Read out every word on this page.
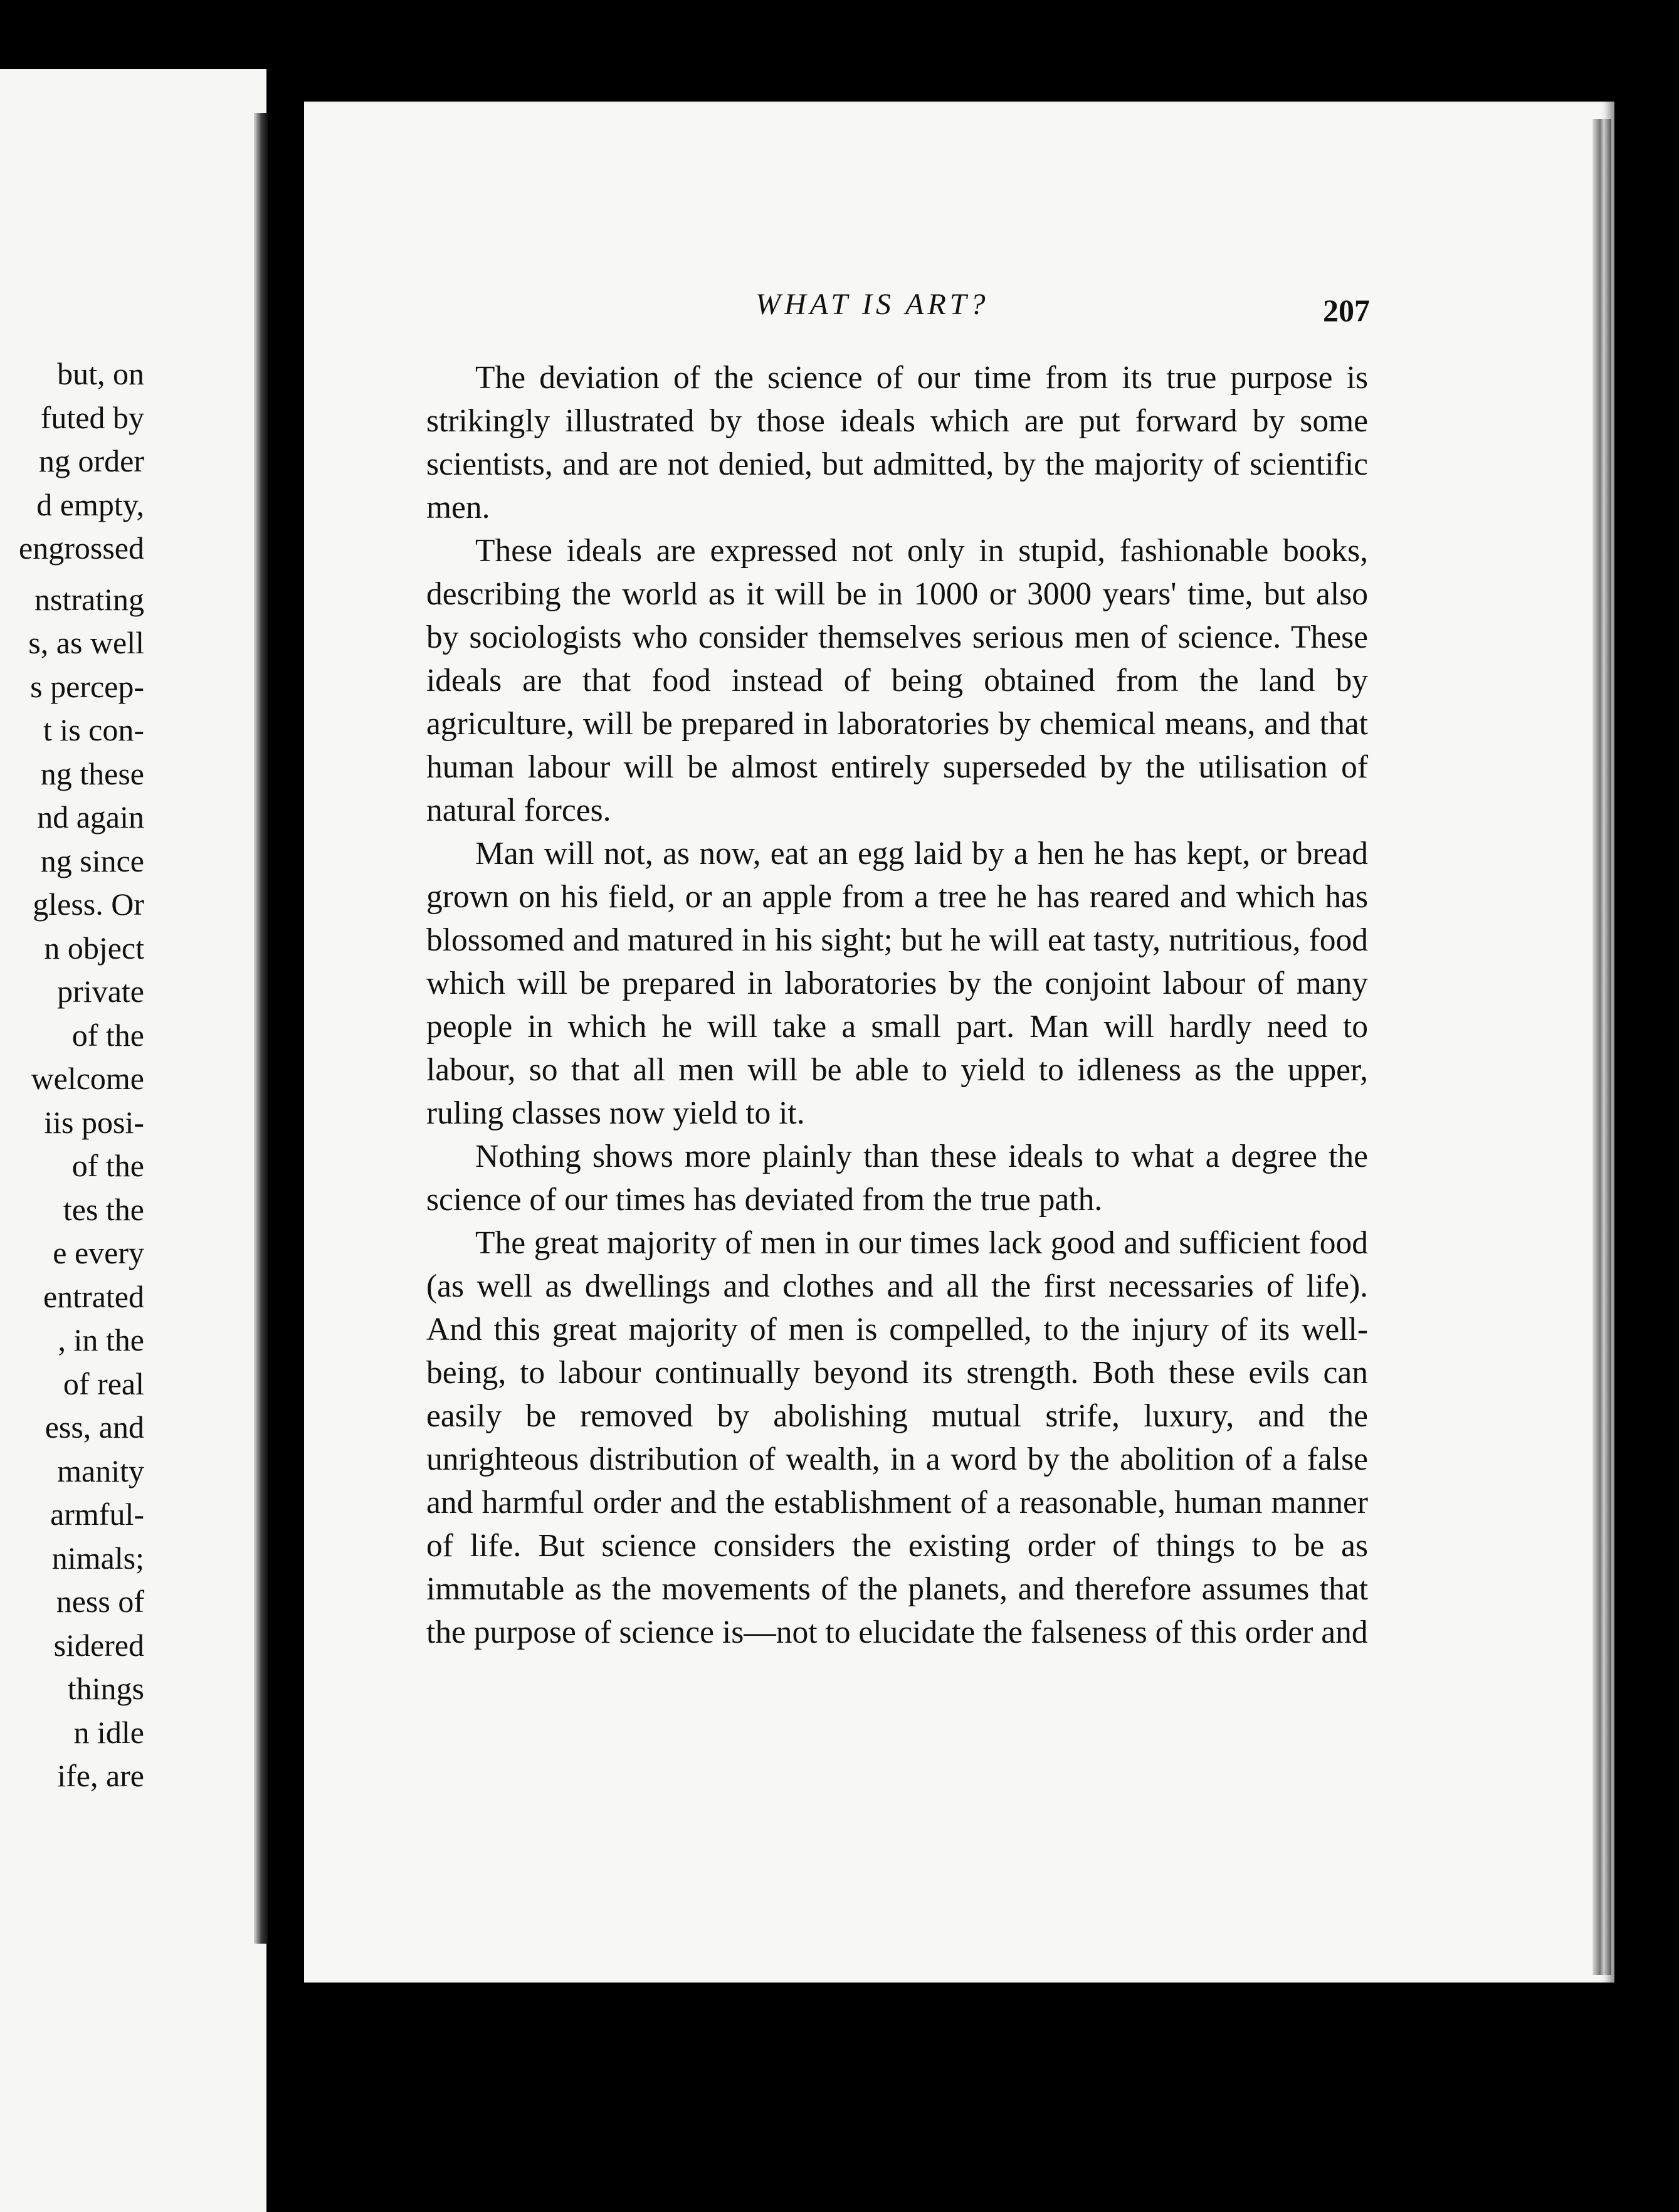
but, on
futed by
ng order
d empty,
engrossed
nstrating
s, as well
s percep-
t is con-
ng these
nd again
ng since
gless. Or
n object
private
of the
welcome
iis posi-
of the
tes the
e every
entrated
, in the
of real
ess, and
manity
armful-
nimals;
ness of
sidered
things
n idle
ife, are
WHAT IS ART?	207

The deviation of the science of our time from its true purpose is strikingly illustrated by those ideals which are put forward by some scientists, and are not denied, but admitted, by the majority of scientific men.

These ideals are expressed not only in stupid, fashionable books, describing the world as it will be in 1000 or 3000 years' time, but also by sociologists who consider themselves serious men of science. These ideals are that food instead of being obtained from the land by agriculture, will be prepared in laboratories by chemical means, and that human labour will be almost entirely superseded by the utilisation of natural forces.

Man will not, as now, eat an egg laid by a hen he has kept, or bread grown on his field, or an apple from a tree he has reared and which has blossomed and matured in his sight; but he will eat tasty, nutritious, food which will be prepared in laboratories by the conjoint labour of many people in which he will take a small part. Man will hardly need to labour, so that all men will be able to yield to idleness as the upper, ruling classes now yield to it.

Nothing shows more plainly than these ideals to what a degree the science of our times has deviated from the true path.

The great majority of men in our times lack good and sufficient food (as well as dwellings and clothes and all the first necessaries of life). And this great majority of men is compelled, to the injury of its well-being, to labour continually beyond its strength. Both these evils can easily be removed by abolishing mutual strife, luxury, and the unrighteous distribution of wealth, in a word by the abolition of a false and harmful order and the establishment of a reasonable, human manner of life. But science considers the existing order of things to be as immutable as the movements of the planets, and therefore assumes that the purpose of science is—not to elucidate the falseness of this order and
